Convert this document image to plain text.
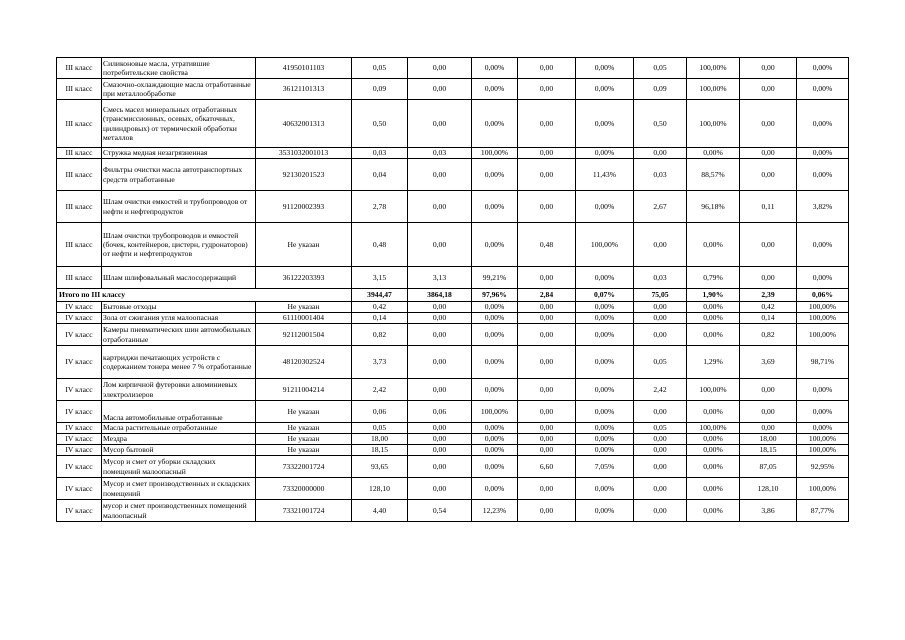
III класс	Силиконовые масла, утратившие потребительские свойства	41950101103	0,05	0,00	0,00%	0,00	0,00%	0,05	100,00%	0,00	0,00%
III класс	Смазочно-охлаждающие масла отработанные при металлообработке	36121101313	0,09	0,00	0,00%	0,00	0,00%	0,09	100,00%	0,00	0,00%
III класс	Смесь масел минеральных отработанных (трансмиссионных, осевых, обкаточных, цилиндровых) от термической обработки металлов	40632001313	0,50	0,00	0,00%	0,00	0,00%	0,50	100,00%	0,00	0,00%
III класс	Стружка медная незагрязненная	3531032001013	0,03	0,03	100,00%	0,00	0,00%	0,00	0,00%	0,00	0,00%
III класс	Фильтры очистки масла автотранспортных средств отработанные	92130201523	0,04	0,00	0,00%	0,00	11,43%	0,03	88,57%	0,00	0,00%
III класс	Шлам очистки емкостей и трубопроводов от нефти и нефтепродуктов	91120002393	2,78	0,00	0,00%	0,00	0,00%	2,67	96,18%	0,11	3,82%
III класс	Шлам очистки трубопроводов и емкостей (бочек, контейнеров, цистерн, гудронаторов) от нефти и нефтепродуктов	Не указан	0,48	0,00	0,00%	0,48	100,00%	0,00	0,00%	0,00	0,00%
III класс	Шлам шлифовальный маслосодержащий	36122203393	3,15	3,13	99,21%	0,00	0,00%	0,03	0,79%	0,00	0,00%
Итого по III классу			3944,47	3864,18	97,96%	2,84	0,07%	75,05	1,90%	2,39	0,06%
IV класс	Бытовые отходы	Не указан	0,42	0,00	0,00%	0,00	0,00%	0,00	0,00%	0,42	100,00%
IV класс	Зола от сжигания угля малоопасная	61110001404	0,14	0,00	0,00%	0,00	0,00%	0,00	0,00%	0,14	100,00%
IV класс	Камеры пневматических шин автомобильных отработанные	92112001504	0,82	0,00	0,00%	0,00	0,00%	0,00	0,00%	0,82	100,00%
IV класс	картриджи печатающих устройств с содержанием тонера менее 7 % отработанные	48120302524	3,73	0,00	0,00%	0,00	0,00%	0,05	1,29%	3,69	98,71%
IV класс	Лом кирпичной футеровки алюминиевых электролизеров	91211004214	2,42	0,00	0,00%	0,00	0,00%	2,42	100,00%	0,00	0,00%
IV класс	Масла автомобильные отработанные	Не указан	0,06	0,06	100,00%	0,00	0,00%	0,00	0,00%	0,00	0,00%
IV класс	Масла растительные отработанные	Не указан	0,05	0,00	0,00%	0,00	0,00%	0,05	100,00%	0,00	0,00%
IV класс	Мездра	Не указан	18,00	0,00	0,00%	0,00	0,00%	0,00	0,00%	18,00	100,00%
IV класс	Мусор бытовой	Не указан	18,15	0,00	0,00%	0,00	0,00%	0,00	0,00%	18,15	100,00%
IV класс	Мусор и смет от уборки складских помещений малоопасный	73322001724	93,65	0,00	0,00%	6,60	7,05%	0,00	0,00%	87,05	92,95%
IV класс	Мусор и смет производственных и складских помещений	73320000000	128,10	0,00	0,00%	0,00	0,00%	0,00	0,00%	128,10	100,00%
IV класс	мусор и смет производственных помещений малоопасный	73321001724	4,40	0,54	12,23%	0,00	0,00%	0,00	0,00%	3,86	87,77%
